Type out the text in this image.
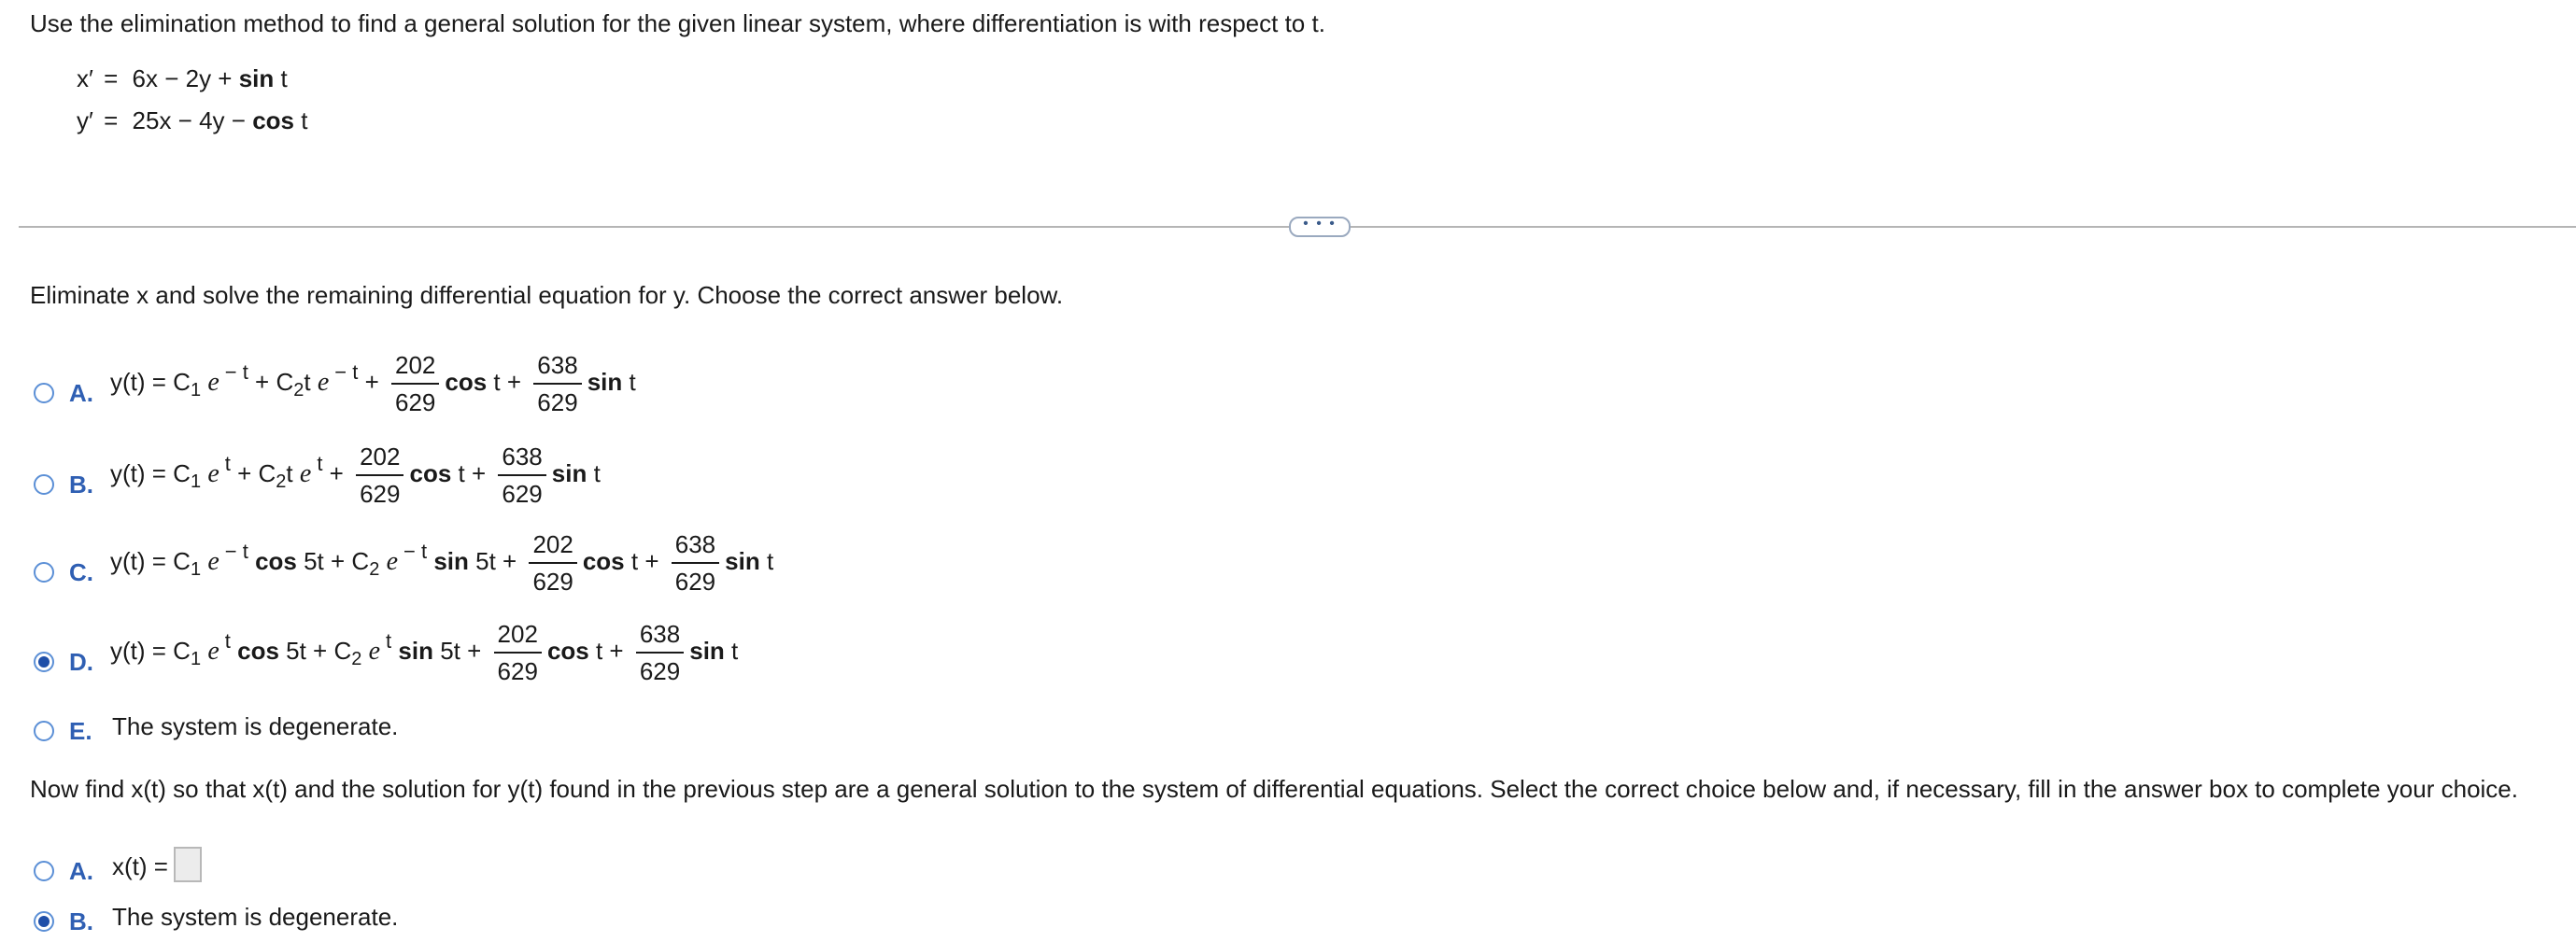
Use the elimination method to find a general solution for the given linear system, where differentiation is with respect to t.
x′ = 6x − 2y + sin t
y′ = 25x − 4y − cos t
• • •
Eliminate x and solve the remaining differential equation for y. Choose the correct answer below.
A. $y(t) = C_1$ e $^{- t} + C_2t$ e $^{- t} + \frac{202}{629}$ $\cos t + \frac{638}{629}$ sin t
B. $y(t) = C_1$ e $^t + C_2t$ e $^t + \frac{202}{629}$ $\cos t + \frac{638}{629}$ sin t
C. $y(t) = C_1$ e $^{- t}$ $\cos 5t + C_2$ e $^{- t}$ $\sin 5t + \frac{202}{629}$ $\cos t + \frac{638}{629}$ sin t
D. $y(t) = C_1$ e $^t$ $\cos 5t + C_2$ e $^t$ $\sin 5t + \frac{202}{629}$ $\cos t + \frac{638}{629}$ sin t
E. The system is degenerate.
Now find x(t) so that x(t) and the solution for y(t) found in the previous step are a general solution to the system of differential equations. Select the correct choice below and, if necessary, fill in the answer box to complete your choice.
A. x(t) =
B. The system is degenerate.
